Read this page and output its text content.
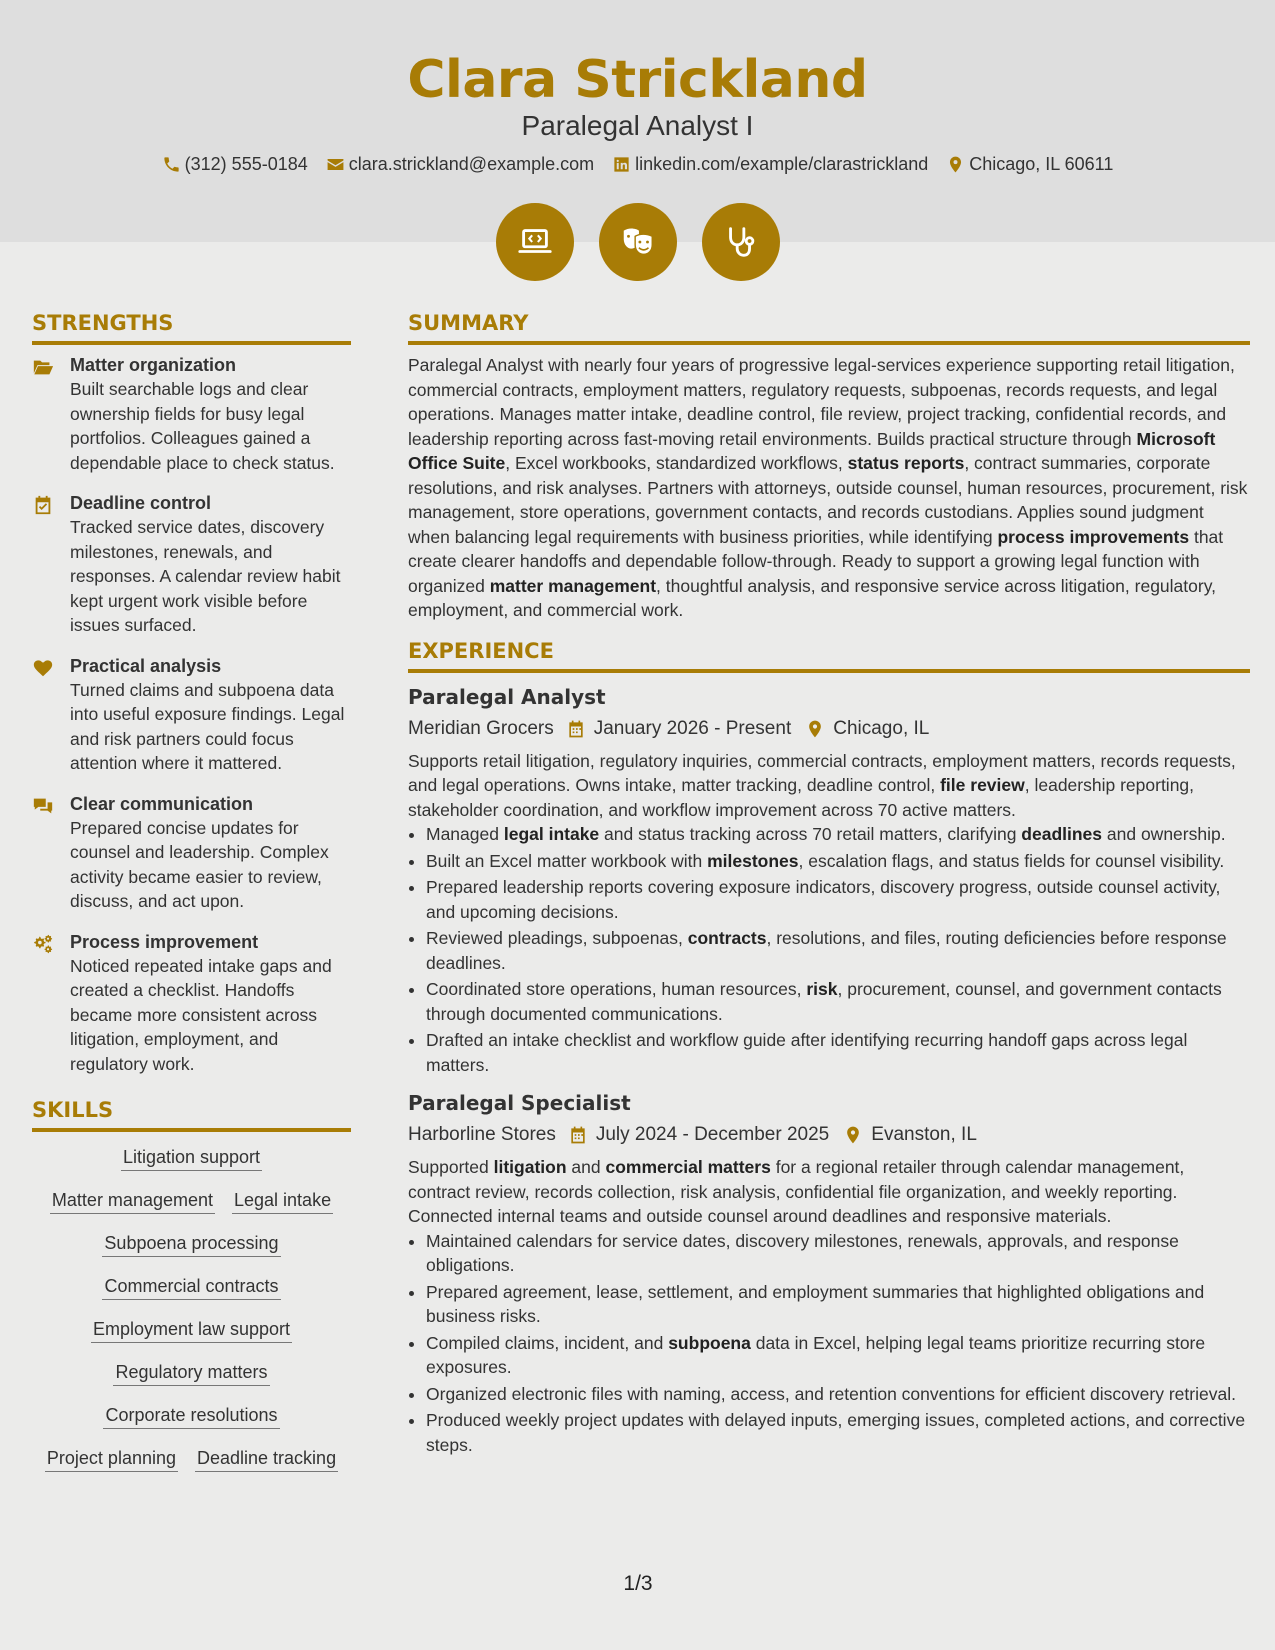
Clara Strickland
Paralegal Analyst I
(312) 555-0184 clara.strickland@example.com linkedin.com/example/clarastrickland Chicago, IL 60611
STRENGTHS
Matter organization
Built searchable logs and clear ownership fields for busy legal portfolios. Colleagues gained a dependable place to check status.
Deadline control
Tracked service dates, discovery milestones, renewals, and responses. A calendar review habit kept urgent work visible before issues surfaced.
Practical analysis
Turned claims and subpoena data into useful exposure findings. Legal and risk partners could focus attention where it mattered.
Clear communication
Prepared concise updates for counsel and leadership. Complex activity became easier to review, discuss, and act upon.
Process improvement
Noticed repeated intake gaps and created a checklist. Handoffs became more consistent across litigation, employment, and regulatory work.
SKILLS
Litigation support
Matter management Legal intake
Subpoena processing
Commercial contracts
Employment law support
Regulatory matters
Corporate resolutions
Project planning Deadline tracking
SUMMARY
Paralegal Analyst with nearly four years of progressive legal-services experience supporting retail litigation, commercial contracts, employment matters, regulatory requests, subpoenas, records requests, and legal operations. Manages matter intake, deadline control, file review, project tracking, confidential records, and leadership reporting across fast-moving retail environments. Builds practical structure through Microsoft Office Suite, Excel workbooks, standardized workflows, status reports, contract summaries, corporate resolutions, and risk analyses. Partners with attorneys, outside counsel, human resources, procurement, risk management, store operations, government contacts, and records custodians. Applies sound judgment when balancing legal requirements with business priorities, while identifying process improvements that create clearer handoffs and dependable follow-through. Ready to support a growing legal function with organized matter management, thoughtful analysis, and responsive service across litigation, regulatory, employment, and commercial work.
EXPERIENCE
Paralegal Analyst
Meridian Grocers January 2026 - Present Chicago, IL
Supports retail litigation, regulatory inquiries, commercial contracts, employment matters, records requests, and legal operations. Owns intake, matter tracking, deadline control, file review, leadership reporting, stakeholder coordination, and workflow improvement across 70 active matters.
• Managed legal intake and status tracking across 70 retail matters, clarifying deadlines and ownership.
• Built an Excel matter workbook with milestones, escalation flags, and status fields for counsel visibility.
• Prepared leadership reports covering exposure indicators, discovery progress, outside counsel activity, and upcoming decisions.
• Reviewed pleadings, subpoenas, contracts, resolutions, and files, routing deficiencies before response deadlines.
• Coordinated store operations, human resources, risk, procurement, counsel, and government contacts through documented communications.
• Drafted an intake checklist and workflow guide after identifying recurring handoff gaps across legal matters.
Paralegal Specialist
Harborline Stores July 2024 - December 2025 Evanston, IL
Supported litigation and commercial matters for a regional retailer through calendar management, contract review, records collection, risk analysis, confidential file organization, and weekly reporting. Connected internal teams and outside counsel around deadlines and responsive materials.
• Maintained calendars for service dates, discovery milestones, renewals, approvals, and response obligations.
• Prepared agreement, lease, settlement, and employment summaries that highlighted obligations and business risks.
• Compiled claims, incident, and subpoena data in Excel, helping legal teams prioritize recurring store exposures.
• Organized electronic files with naming, access, and retention conventions for efficient discovery retrieval.
• Produced weekly project updates with delayed inputs, emerging issues, completed actions, and corrective steps.
1/3
